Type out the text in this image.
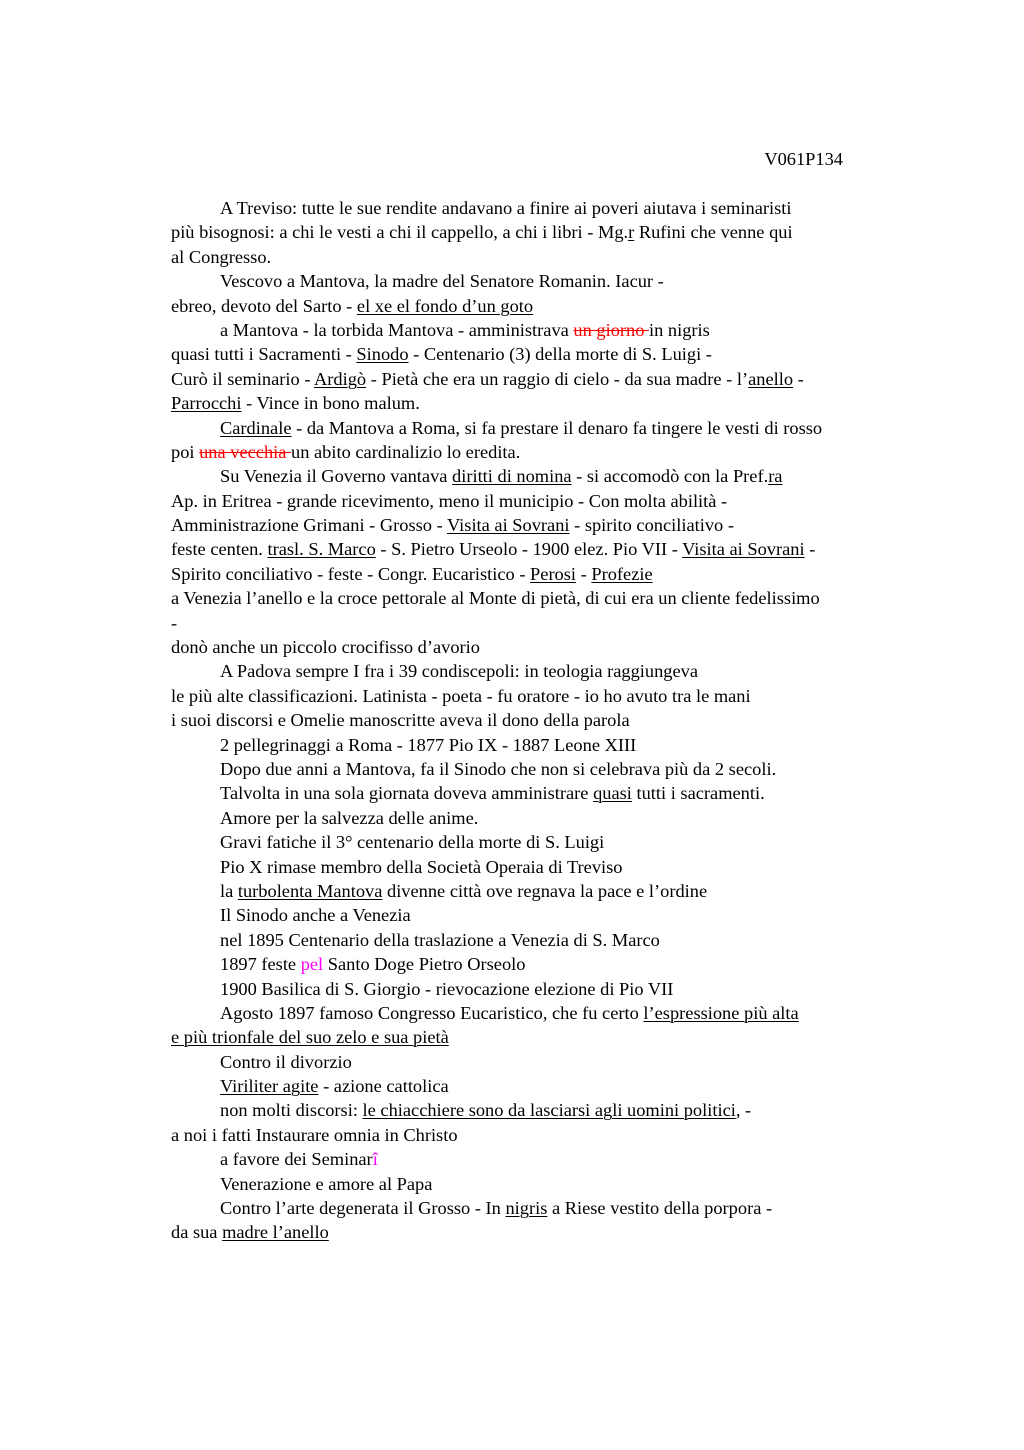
V061P134
A Treviso: tutte le sue rendite andavano a finire ai poveri aiutava i seminaristi
più bisognosi: a chi le vesti a chi il cappello, a chi i libri - Mg.r Rufini che venne qui
al Congresso.
Vescovo a Mantova, la madre del Senatore Romanin. Iacur -
ebreo, devoto del Sarto - el xe el fondo d’un goto
a Mantova - la torbida Mantova - amministrava un giorno in nigris
quasi tutti i Sacramenti - Sinodo - Centenario (3) della morte di S. Luigi -
Curò il seminario - Ardigò - Pietà che era un raggio di cielo - da sua madre - l’anello -
Parrocchi - Vince in bono malum.
Cardinale - da Mantova a Roma, si fa prestare il denaro fa tingere le vesti di rosso
poi una vecchia un abito cardinalizio lo eredita.
Su Venezia il Governo vantava diritti di nomina - si accomodò con la Pref.ra
Ap. in Eritrea - grande ricevimento, meno il municipio - Con molta abilità -
Amministrazione Grimani - Grosso - Visita ai Sovrani - spirito conciliativo -
feste centen. trasl. S. Marco - S. Pietro Urseolo - 1900 elez. Pio VII - Visita ai Sovrani -
Spirito conciliativo - feste - Congr. Eucaristico - Perosi - Profezie
a Venezia l’anello e la croce pettorale al Monte di pietà, di cui era un cliente fedelissimo
-
donò anche un piccolo crocifisso d’avorio
A Padova sempre I fra i 39 condiscepoli: in teologia raggiungeva
le più alte classificazioni. Latinista - poeta - fu oratore - io ho avuto tra le mani
i suoi discorsi e Omelie manoscritte aveva il dono della parola
2 pellegrinaggi a Roma - 1877 Pio IX - 1887 Leone XIII
Dopo due anni a Mantova, fa il Sinodo che non si celebrava più da 2 secoli.
Talvolta in una sola giornata doveva amministrare quasi tutti i sacramenti.
Amore per la salvezza delle anime.
Gravi fatiche il 3° centenario della morte di S. Luigi
Pio X rimase membro della Società Operaia di Treviso
la turbolenta Mantova divenne città ove regnava la pace e l’ordine
Il Sinodo anche a Venezia
nel 1895 Centenario della traslazione a Venezia di S. Marco
1897 feste pel Santo Doge Pietro Orseolo
1900 Basilica di S. Giorgio - rievocazione elezione di Pio VII
Agosto 1897 famoso Congresso Eucaristico, che fu certo l’espressione più alta
e più trionfale del suo zelo e sua pietà
Contro il divorzio
Viriliter agite - azione cattolica
non molti discorsi: le chiacchiere sono da lasciarsi agli uomini politici, -
a noi i fatti Instaurare omnia in Christo
a favore dei Seminarî
Venerazione e amore al Papa
Contro l’arte degenerata il Grosso - In nigris a Riese vestito della porpora -
da sua madre l’anello
